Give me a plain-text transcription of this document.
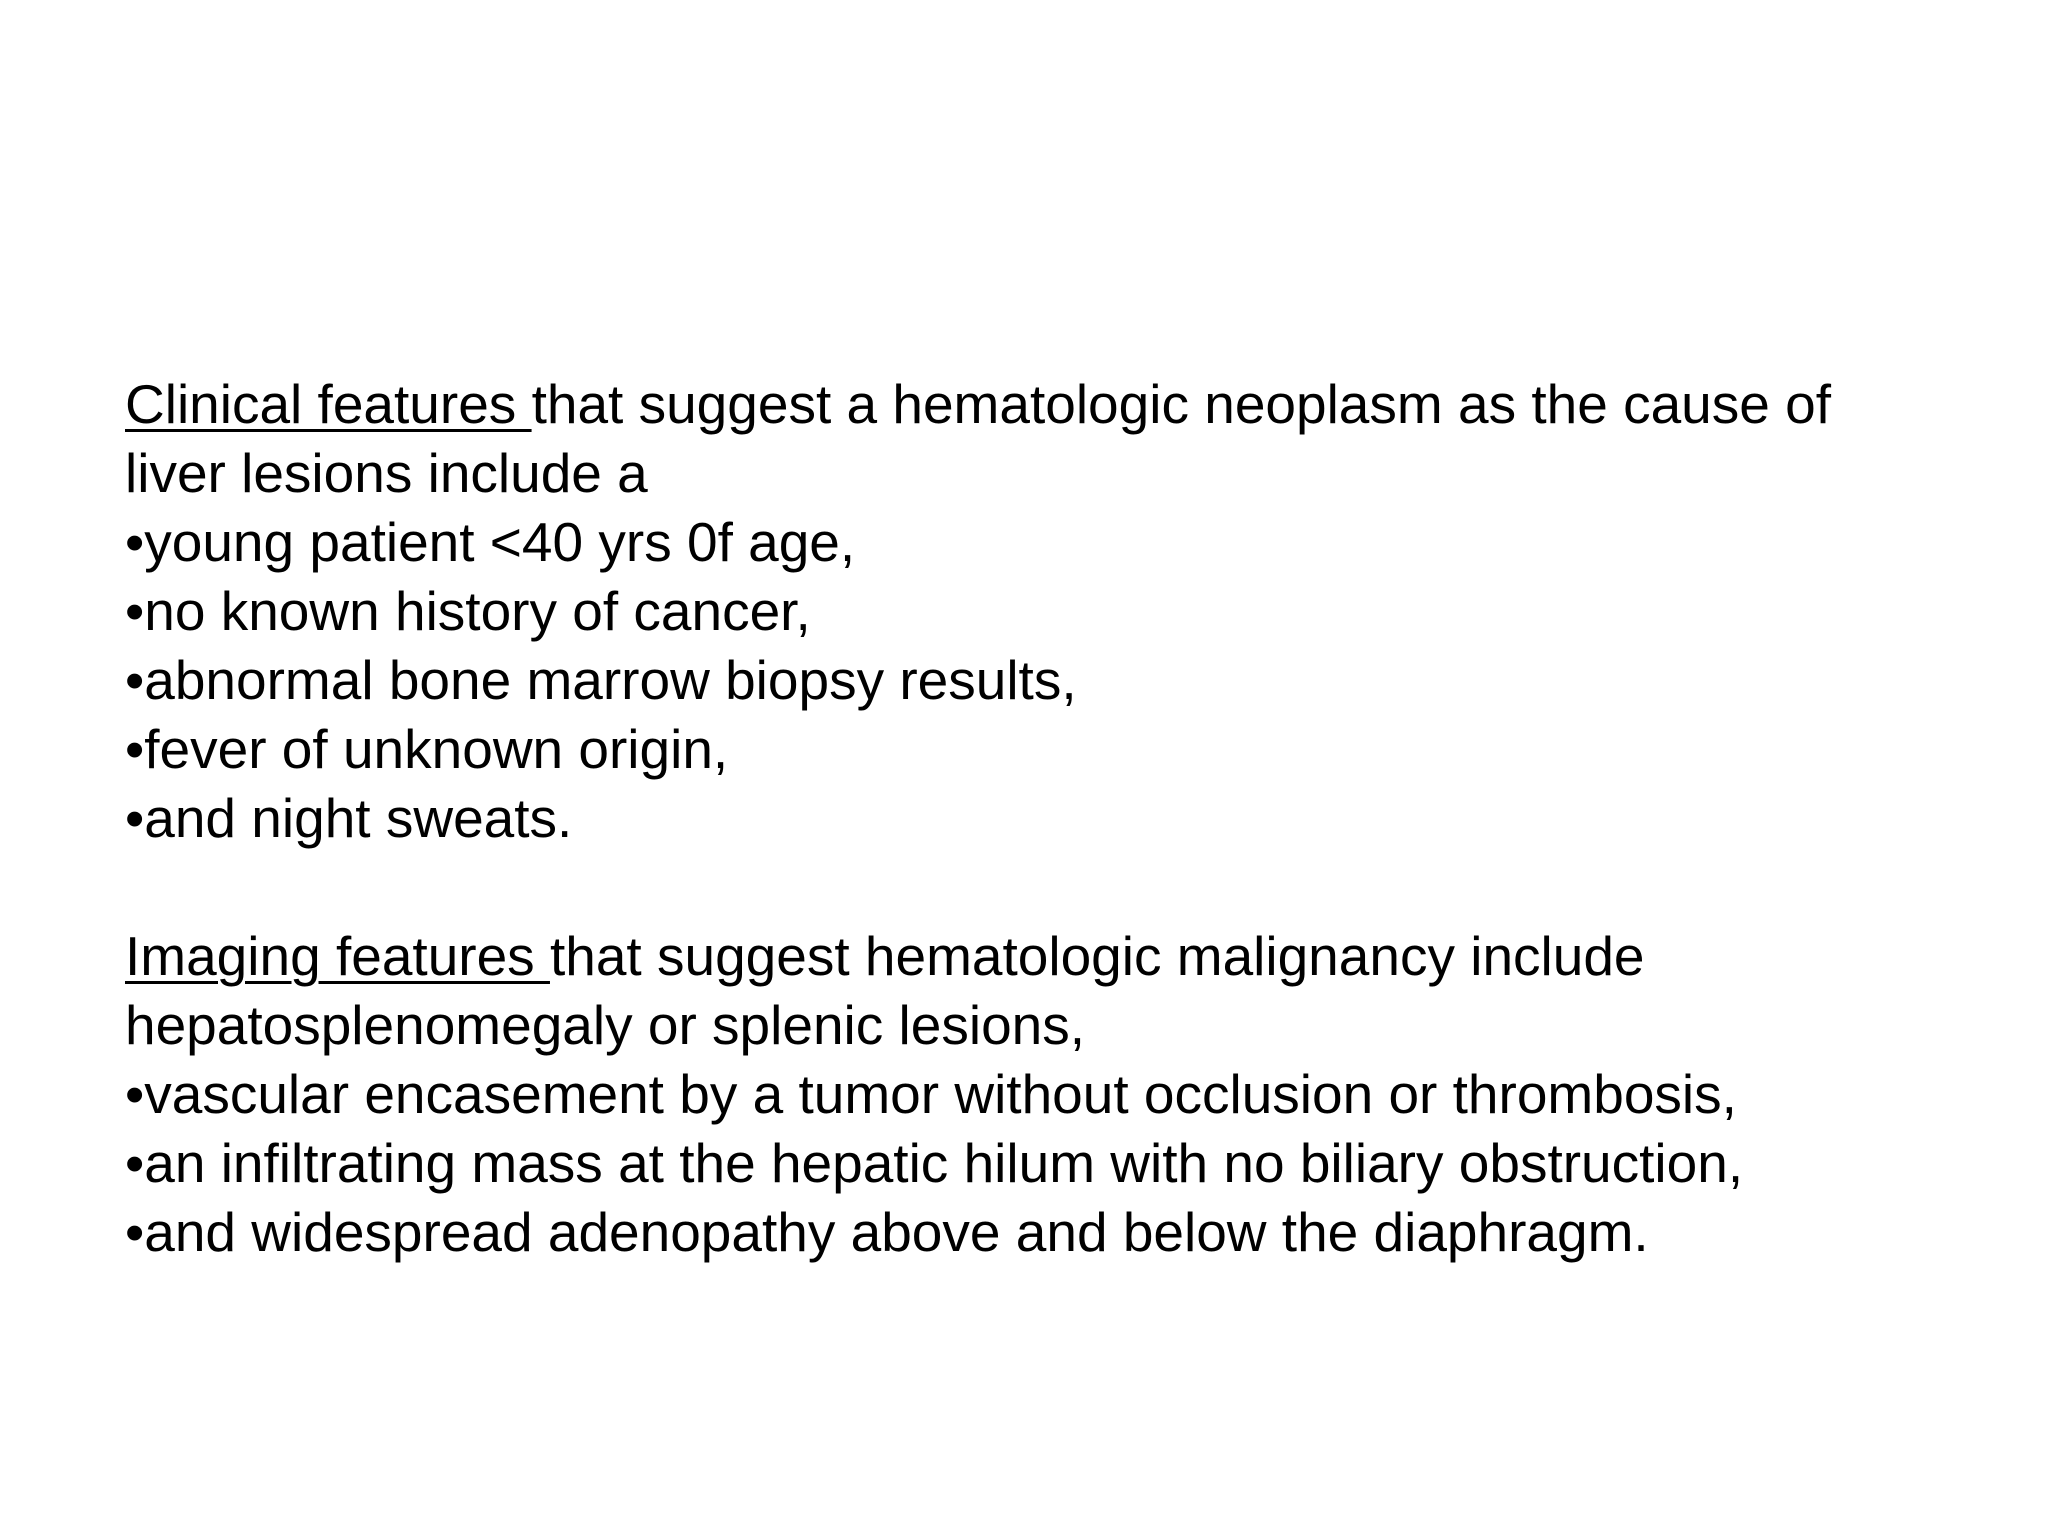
Clinical features that suggest a hematologic neoplasm as the cause of
liver lesions include a
•young patient <40 yrs 0f age,
•no known history of cancer,
•abnormal bone marrow biopsy results,
•fever of unknown origin,
•and night sweats.
Imaging features that suggest hematologic malignancy include
hepatosplenomegaly or splenic lesions,
•vascular encasement by a tumor without occlusion or thrombosis,
•an infiltrating mass at the hepatic hilum with no biliary obstruction,
•and widespread adenopathy above and below the diaphragm.
